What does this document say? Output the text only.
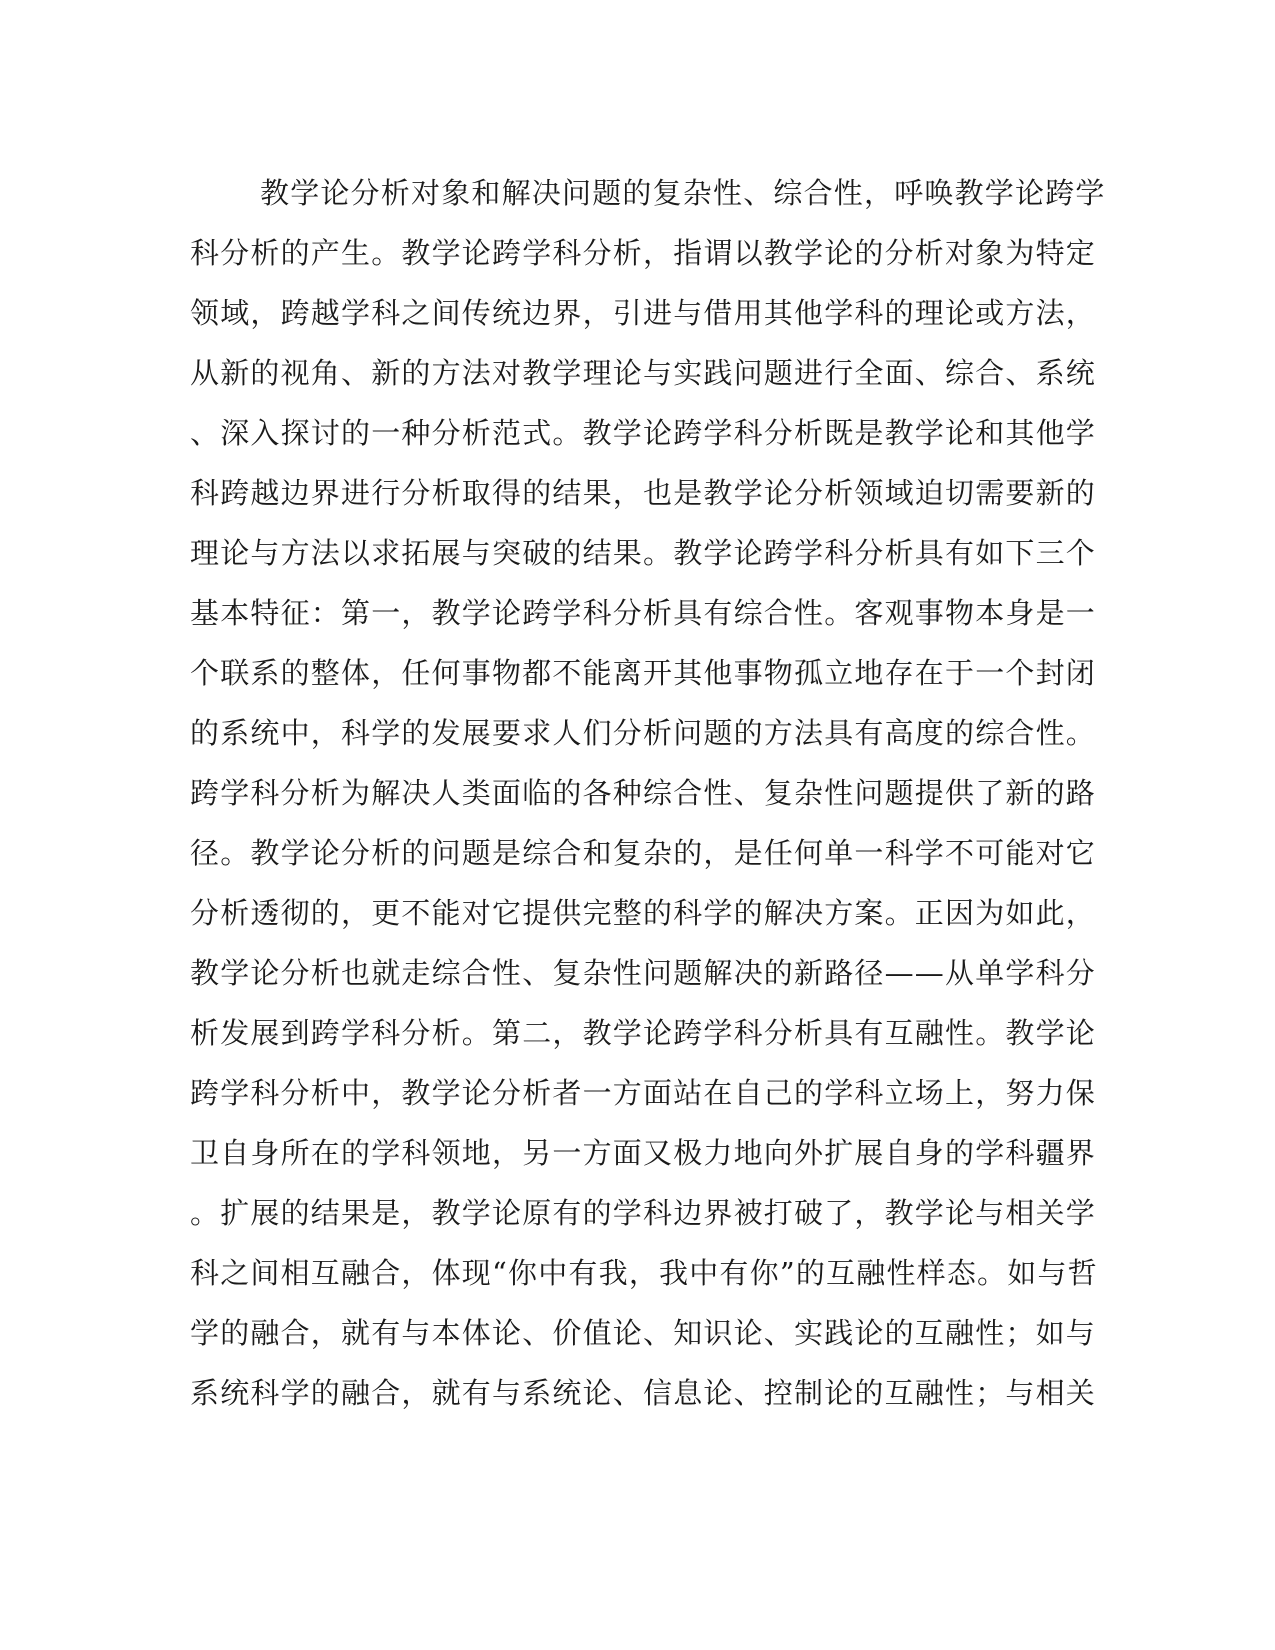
教学论分析对象和解决问题的复杂性、综合性，呼唤教学论跨学
科分析的产生。教学论跨学科分析，指谓以教学论的分析对象为特定
领域，跨越学科之间传统边界，引进与借用其他学科的理论或方法，
从新的视角、新的方法对教学理论与实践问题进行全面、综合、系统
、深入探讨的一种分析范式。教学论跨学科分析既是教学论和其他学
科跨越边界进行分析取得的结果，也是教学论分析领域迫切需要新的
理论与方法以求拓展与突破的结果。教学论跨学科分析具有如下三个
基本特征：第一，教学论跨学科分析具有综合性。客观事物本身是一
个联系的整体，任何事物都不能离开其他事物孤立地存在于一个封闭
的系统中，科学的发展要求人们分析问题的方法具有高度的综合性。
跨学科分析为解决人类面临的各种综合性、复杂性问题提供了新的路
径。教学论分析的问题是综合和复杂的，是任何单一科学不可能对它
分析透彻的，更不能对它提供完整的科学的解决方案。正因为如此，
教学论分析也就走综合性、复杂性问题解决的新路径——从单学科分
析发展到跨学科分析。第二，教学论跨学科分析具有互融性。教学论
跨学科分析中，教学论分析者一方面站在自己的学科立场上，努力保
卫自身所在的学科领地，另一方面又极力地向外扩展自身的学科疆界
。扩展的结果是，教学论原有的学科边界被打破了，教学论与相关学
科之间相互融合，体现“你中有我，我中有你”的互融性样态。如与哲
学的融合，就有与本体论、价值论、知识论、实践论的互融性；如与
系统科学的融合，就有与系统论、信息论、控制论的互融性；与相关
